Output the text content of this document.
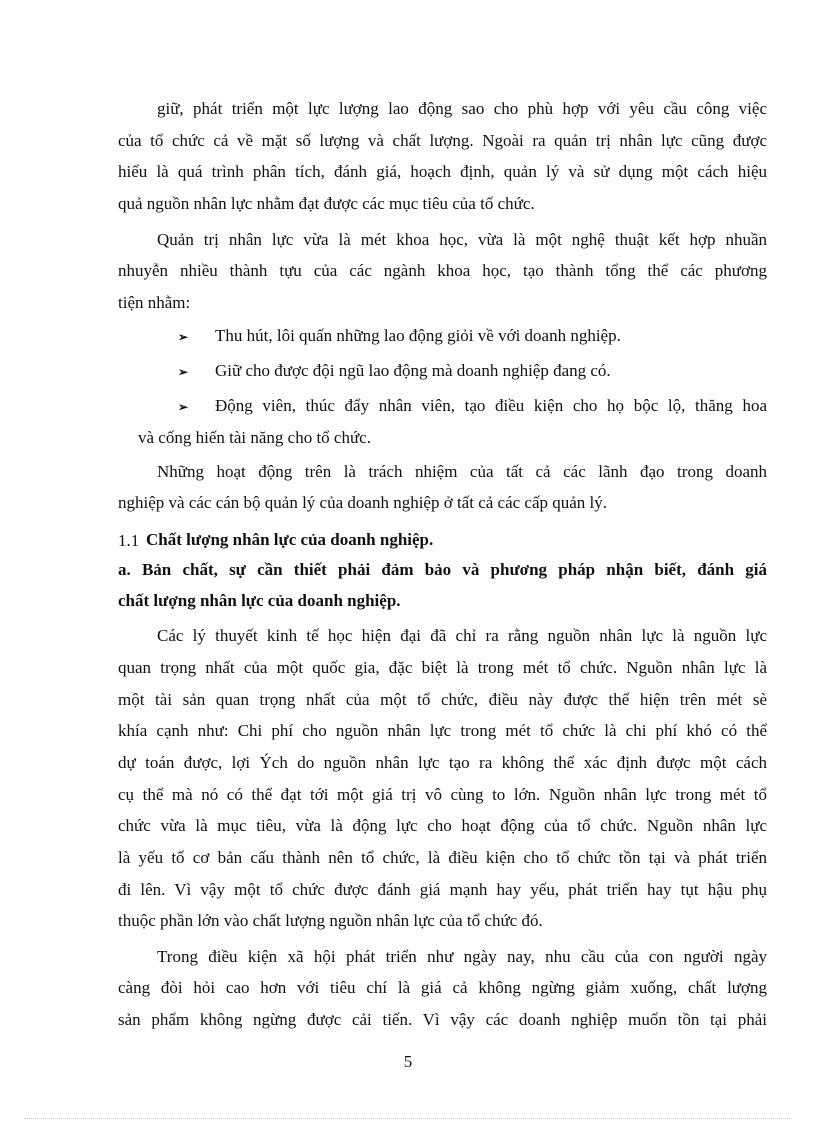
giữ, phát triển một lực lượng lao động sao cho phù hợp với yêu cầu công việc
của tổ chức cả về mặt số lượng và chất lượng. Ngoài ra quản trị nhân lực cũng được
hiểu là quá trình phân tích, đánh giá, hoạch định, quản lý và sử dụng một cách hiệu
quả nguồn nhân lực nhằm đạt được các mục tiêu của tổ chức.
Quản trị nhân lực vừa là mét khoa học, vừa là một nghệ thuật kết hợp nhuần
nhuyễn nhiều thành tựu của các ngành khoa học, tạo thành tổng thể các phương
tiện nhằm:
➢ Thu hút, lôi quấn những lao động giỏi về với doanh nghiệp.
➢ Giữ cho được đội ngũ lao động mà doanh nghiệp đang có.
➢ Động viên, thúc đẩy nhân viên, tạo điều kiện cho họ bộc lộ, thăng hoa
và cống hiến tài năng cho tổ chức.
Những hoạt động trên là trách nhiệm của tất cả các lãnh đạo trong doanh
nghiệp và các cán bộ quản lý của doanh nghiệp ở tất cả các cấp quản lý.
1.1 Chất lượng nhân lực của doanh nghiệp.
a. Bản chất, sự cần thiết phải đảm bảo và phương pháp nhận biết, đánh giá
chất lượng nhân lực của doanh nghiệp.
Các lý thuyết kinh tế học hiện đại đã chỉ ra rằng nguồn nhân lực là nguồn lực
quan trọng nhất của một quốc gia, đặc biệt là trong mét tổ chức. Nguồn nhân lực là
một tài sản quan trọng nhất của một tổ chức, điều này được thể hiện trên mét sè
khía cạnh như: Chi phí cho nguồn nhân lực trong mét tổ chức là chi phí khó có thể
dự toán được, lợi Ých do nguồn nhân lực tạo ra không thể xác định được một cách
cụ thể mà nó có thể đạt tới một giá trị vô cùng to lớn. Nguồn nhân lực trong mét tổ
chức vừa là mục tiêu, vừa là động lực cho hoạt động của tổ chức. Nguồn nhân lực
là yếu tố cơ bản cấu thành nên tổ chức, là điều kiện cho tổ chức tồn tại và phát triển
đi lên. Vì vậy một tổ chức được đánh giá mạnh hay yếu, phát triển hay tụt hậu phụ
thuộc phần lớn vào chất lượng nguồn nhân lực của tổ chức đó.
Trong điều kiện xã hội phát triển như ngày nay, nhu cầu của con người ngày
càng đòi hỏi cao hơn với tiêu chí là giá cả không ngừng giảm xuống, chất lượng
sản phẩm không ngừng được cải tiến. Vì vậy các doanh nghiệp muốn tồn tại phải
5
